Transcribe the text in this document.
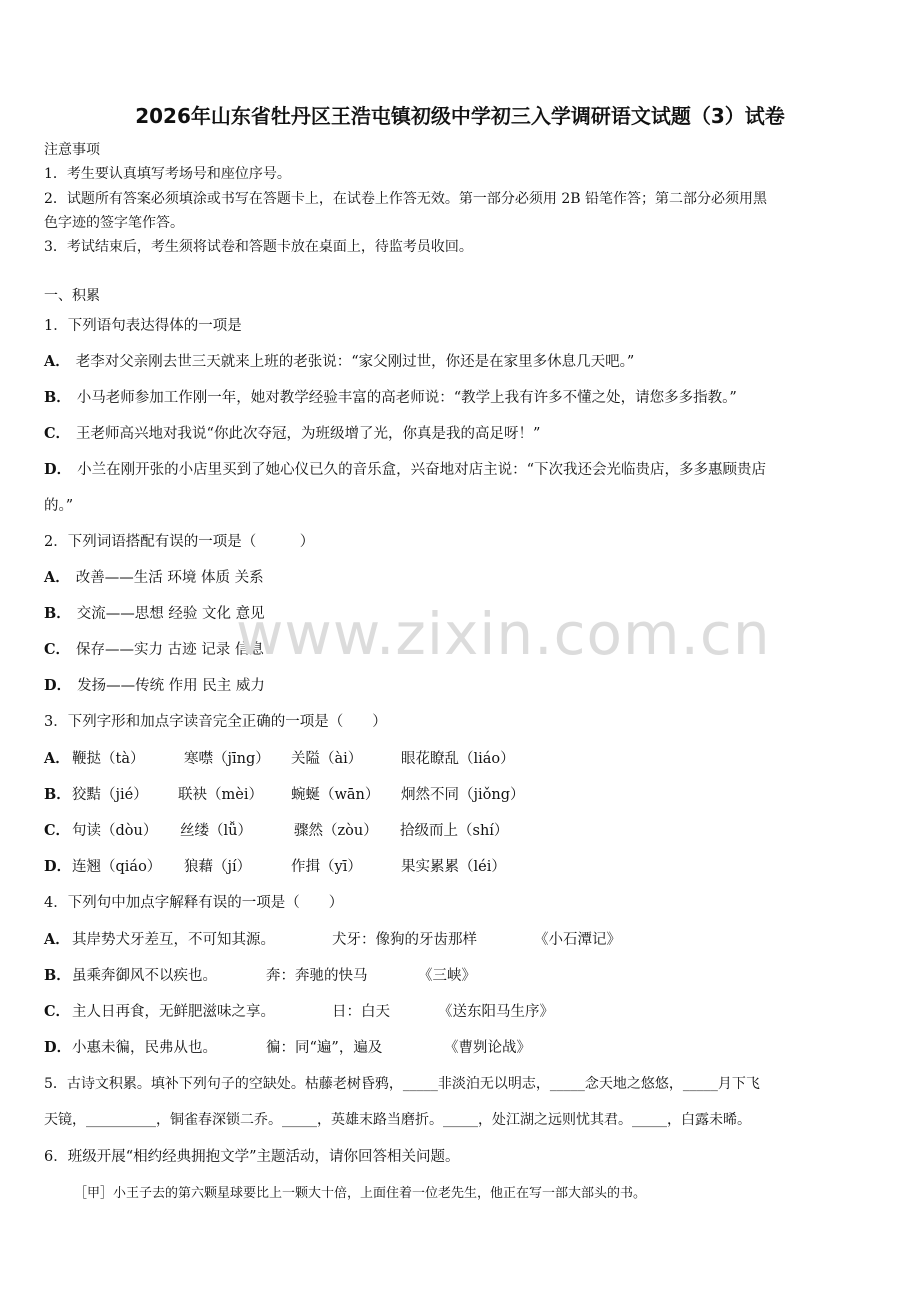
2026年山东省牡丹区王浩屯镇初级中学初三入学调研语文试题（3）试卷
注意事项
1．考生要认真填写考场号和座位序号。
2．试题所有答案必须填涂或书写在答题卡上，在试卷上作答无效。第一部分必须用 2B 铅笔作答；第二部分必须用黑
色字迹的签字笔作答。
3．考试结束后，考生须将试卷和答题卡放在桌面上，待监考员收回。
一、积累
1．下列语句表达得体的一项是
A． 老李对父亲刚去世三天就来上班的老张说：“家父刚过世，你还是在家里多休息几天吧。”
B． 小马老师参加工作刚一年，她对教学经验丰富的高老师说：“教学上我有许多不懂之处，请您多多指教。”
C． 王老师高兴地对我说“你此次夺冠，为班级增了光，你真是我的高足呀！”
D． 小兰在刚开张的小店里买到了她心仪已久的音乐盒，兴奋地对店主说：“下次我还会光临贵店，多多惠顾贵店
的。”
2．下列词语搭配有误的一项是（　　　）
A． 改善——生活 环境 体质 关系
B． 交流——思想 经验 文化 意见
C． 保存——实力 古迹 记录 信息
D． 发扬——传统 作用 民主 威力
www.zixin.com.cn
3．下列字形和加点字读音完全正确的一项是（　　）
A． 鞭挞（tà）	寒噤（jīng） 关隘（ài）	眼花瞭乱（liáo）
B． 狡黠（jié） 联袂（mèi） 蜿蜒（wān） 炯然不同（jiǒng）
C． 句读（dòu） 丝缕（lǚ）	骤然（zòu） 拾级而上（shí）
D． 连翘（qiáo） 狼藉（jí）	作揖（yī）	果实累累（léi）
4．下列句中加点字解释有误的一项是（　　）
A． 其岸势犬牙差互，不可知其源。	犬牙：像狗的牙齿那样	《小石潭记》
B． 虽乘奔御风不以疾也。	奔：奔驰的快马	《三峡》
C． 主人日再食，无鲜肥滋味之享。	日：白天	《送东阳马生序》
D． 小惠未徧，民弗从也。	徧：同“遍”，遍及	《曹刿论战》
5．古诗文积累。填补下列句子的空缺处。枯藤老树昏鸦，_____非淡泊无以明志，_____念天地之悠悠，_____月下飞
天镜，__________，铜雀春深锁二乔。_____，英雄末路当磨折。_____，处江湖之远则忧其君。_____，白露未晞。
6．班级开展“相约经典拥抱文学”主题活动，请你回答相关问题。
［甲］小王子去的第六颗星球要比上一颗大十倍，上面住着一位老先生，他正在写一部大部头的书。
